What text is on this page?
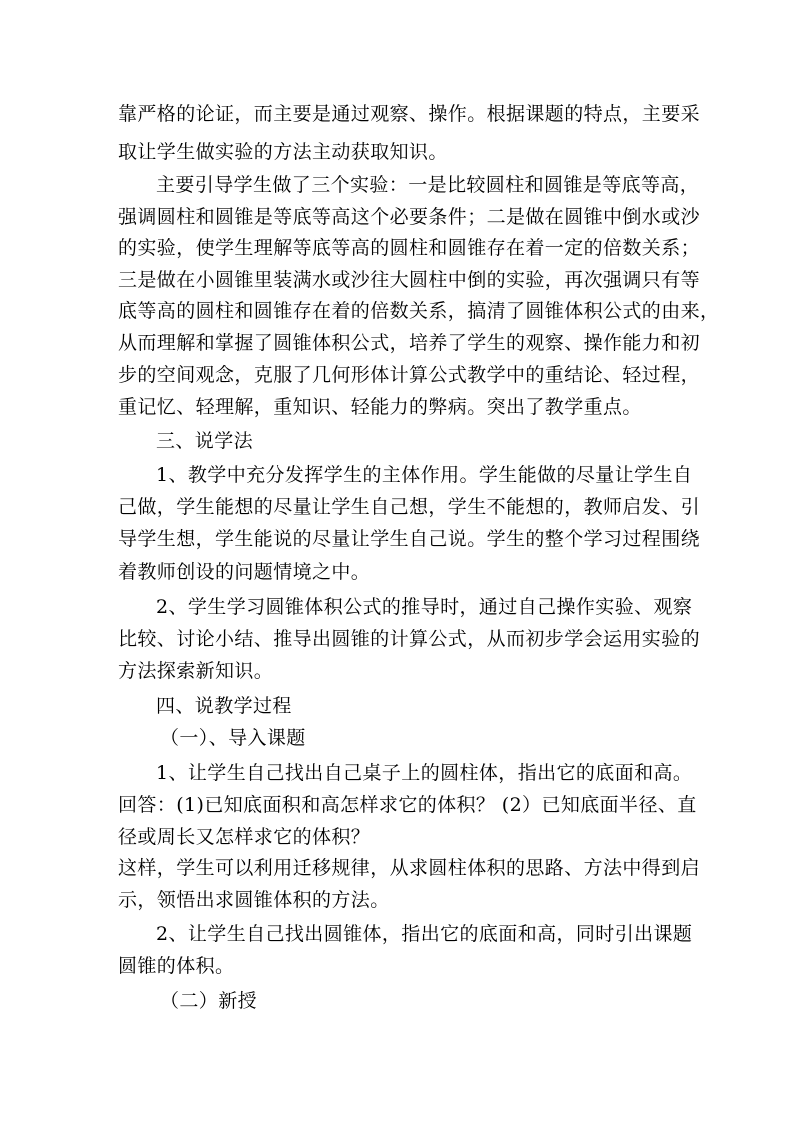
靠严格的论证，而主要是通过观察、操作。根据课题的特点，主要采
取让学生做实验的方法主动获取知识。
主要引导学生做了三个实验：一是比较圆柱和圆锥是等底等高，
强调圆柱和圆锥是等底等高这个必要条件；二是做在圆锥中倒水或沙
的实验，使学生理解等底等高的圆柱和圆锥存在着一定的倍数关系；
三是做在小圆锥里装满水或沙往大圆柱中倒的实验，再次强调只有等
底等高的圆柱和圆锥存在着的倍数关系，搞清了圆锥体积公式的由来，
从而理解和掌握了圆锥体积公式，培养了学生的观察、操作能力和初
步的空间观念，克服了几何形体计算公式教学中的重结论、轻过程，
重记忆、轻理解，重知识、轻能力的弊病。突出了教学重点。
三、说学法
1、教学中充分发挥学生的主体作用。学生能做的尽量让学生自
己做，学生能想的尽量让学生自己想，学生不能想的，教师启发、引
导学生想，学生能说的尽量让学生自己说。学生的整个学习过程围绕
着教师创设的问题情境之中。
2、学生学习圆锥体积公式的推导时，通过自己操作实验、观察
比较、讨论小结、推导出圆锥的计算公式，从而初步学会运用实验的
方法探索新知识。
四、说教学过程
（一）、导入课题
1、让学生自己找出自己桌子上的圆柱体，指出它的底面和高。
回答：(1)已知底面积和高怎样求它的体积？ (2）已知底面半径、直
径或周长又怎样求它的体积？
这样，学生可以利用迁移规律，从求圆柱体积的思路、方法中得到启
示，领悟出求圆锥体积的方法。
2、让学生自己找出圆锥体，指出它的底面和高，同时引出课题
圆锥的体积。
（二）新授
